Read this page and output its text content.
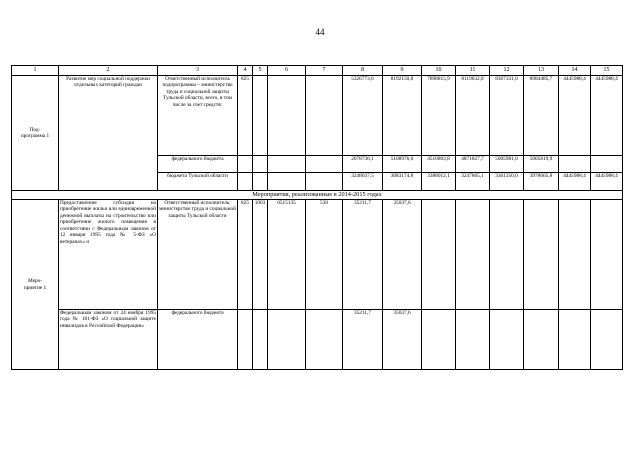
44
1	2	3	4	5	6	7	8	9	10	11	12	13	14	15
Под-
программа 1	Развитие мер социальной поддержки отдельных категорий граждан	Ответственный исполнитель подпрограммы – министерство труда и социальной защиты Тульской области, всего, в том числе за счет средств:	825				5326773,6	8192150,8	7898815,9	8119632,8	8367331,0	8984485,7	4445988,4	4445988,4
		федерального бюджета					2078736,1	5108976,0	4510803,8	4871827,7	5005981,0	5005819,9		
		бюджета Тульской области					3248037,5	3083174,8	3388012,1	3247805,1	3361350,0	3978665,8	4445988,4	4445988,4
Мероприятия, реализованные в 2014-2015 годах														
Меро-
приятие 1	Предоставление субсидии на приобретение жилья или единовременной денежной выплаты на строительство или приобретение жилого помещения в соответствии с Федеральным законом от 12 января 1995 года № 5-ФЗ «О ветеранах» и	Ответственный исполнитель: министерство труда и социальной защиты Тульской области	825	1003	0515135	530	35211,7	35037,6						
	Федеральным законом от 24 ноября 1995 года № 181-ФЗ «О социальной защите инвалидов в Российской Федерации»	федерального бюджета					35211,7	35037,6						
